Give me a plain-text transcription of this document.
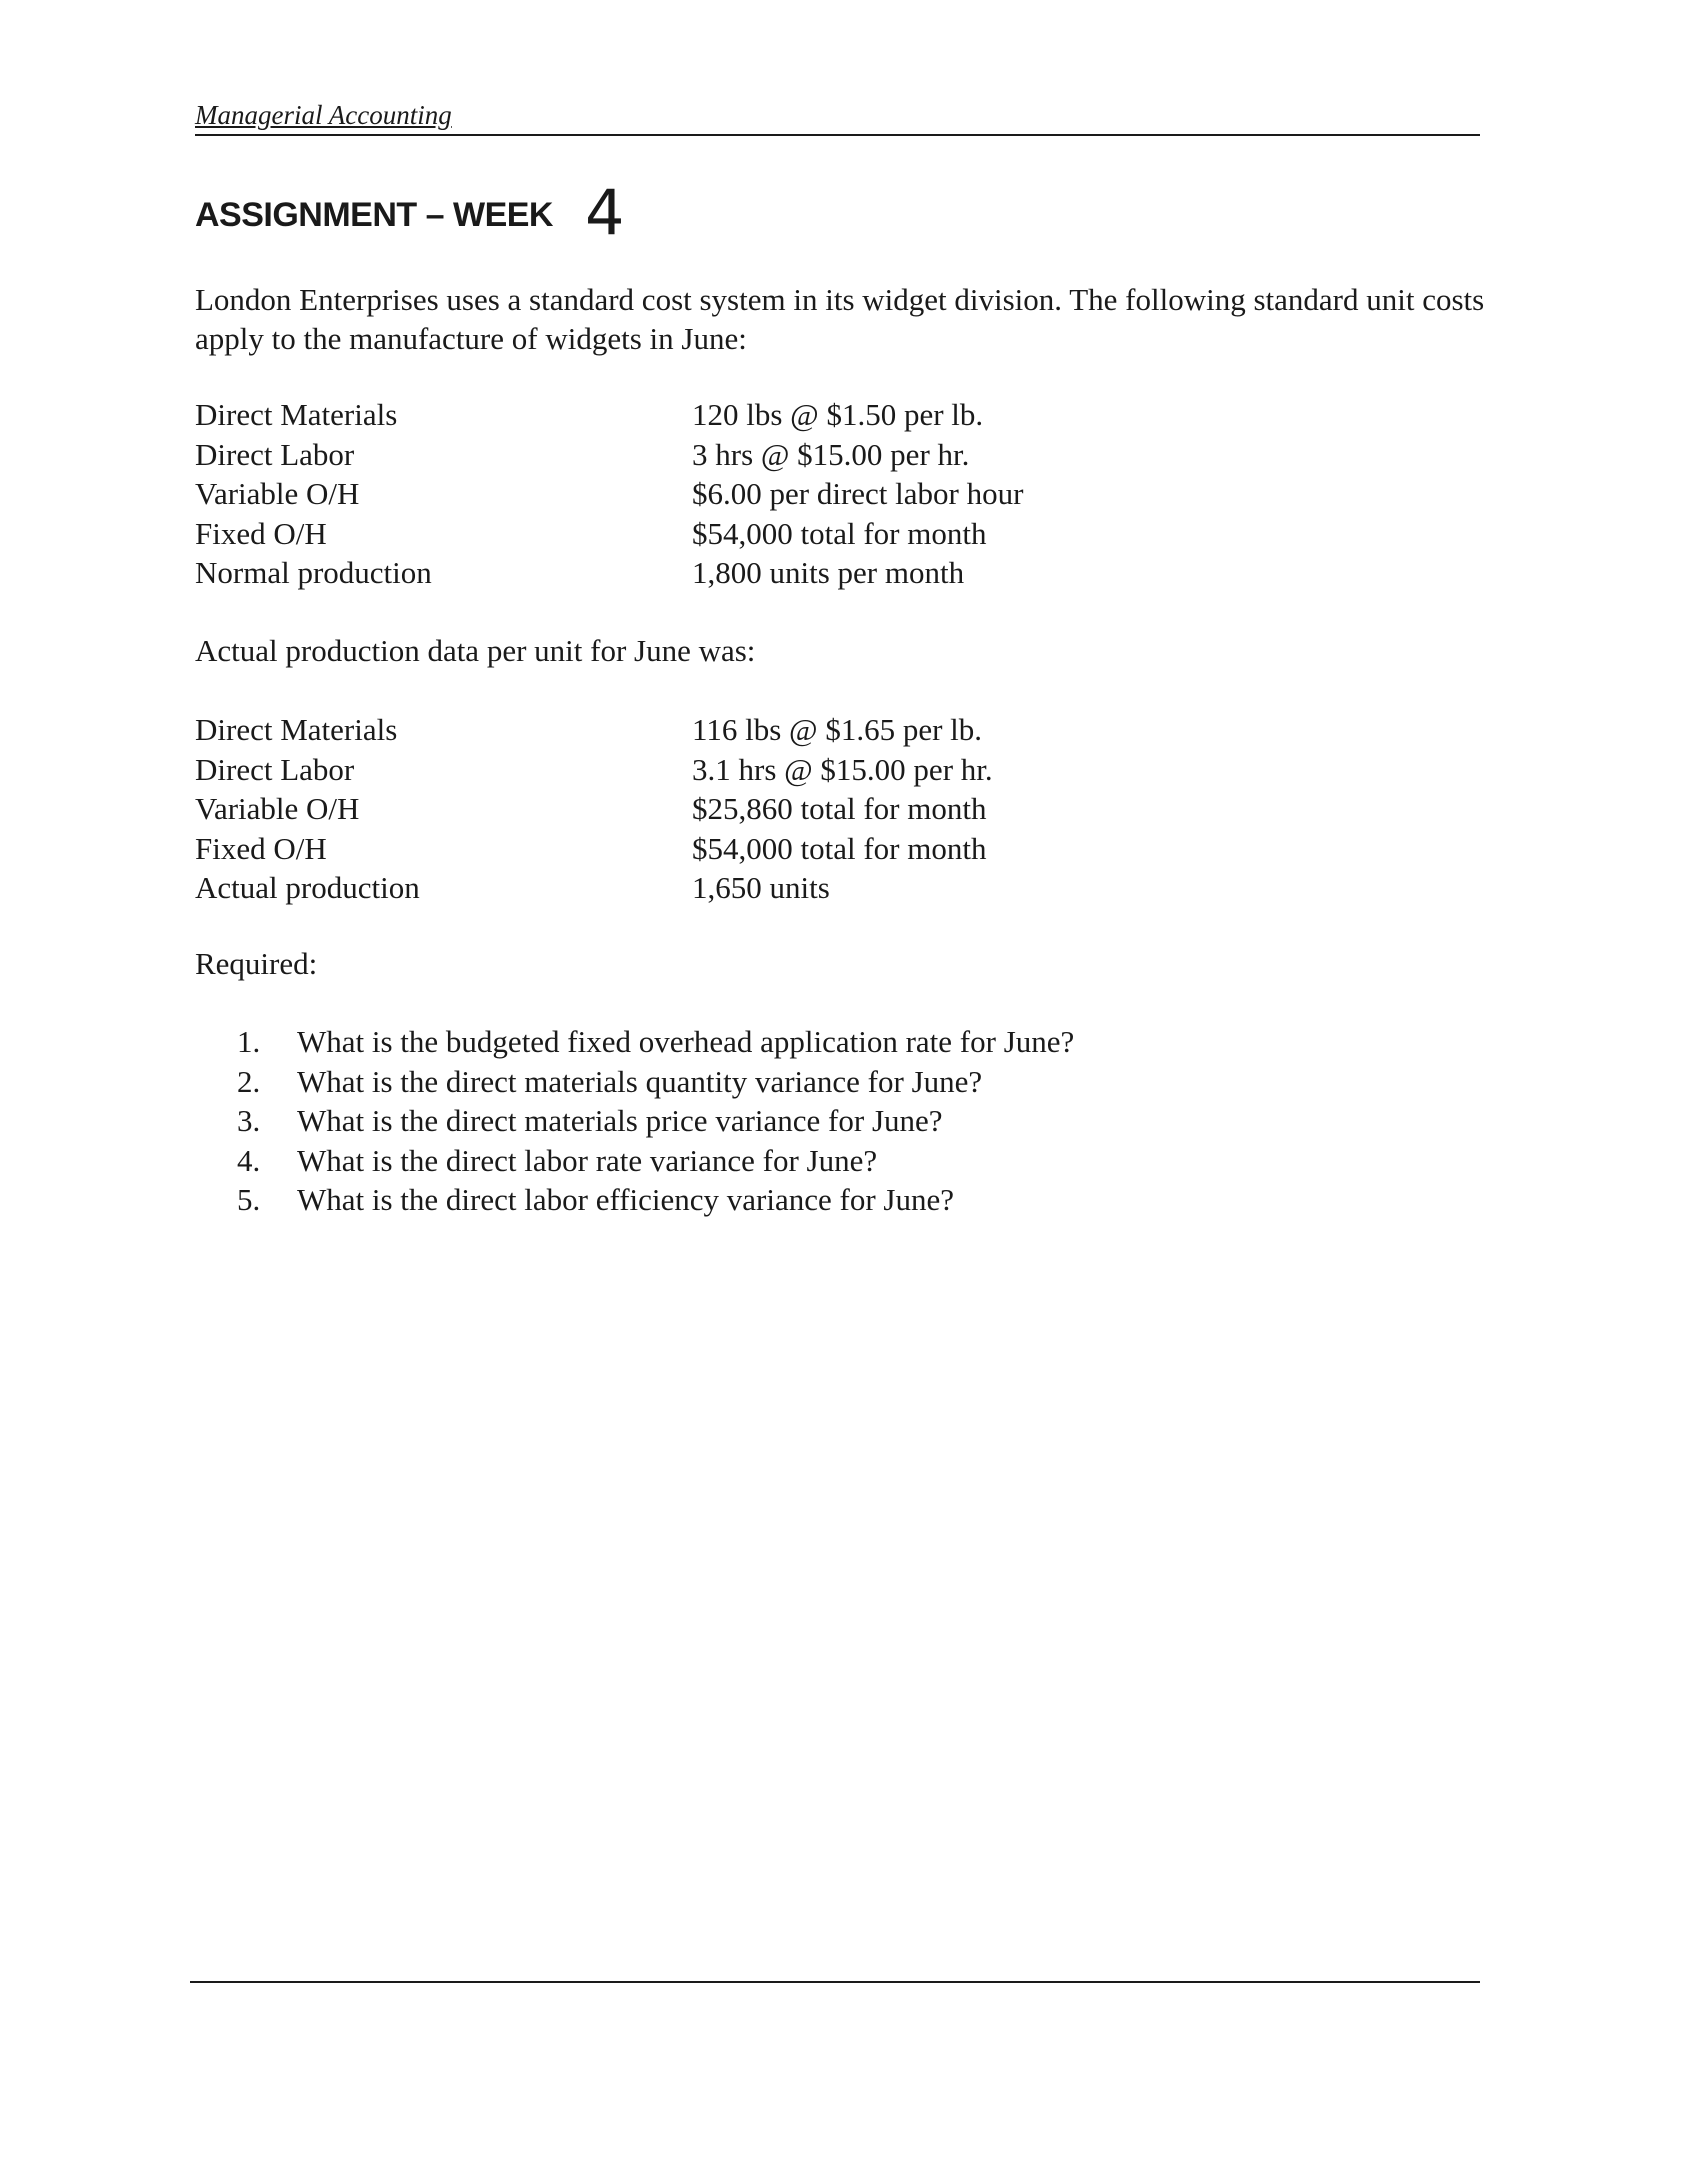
Managerial Accounting
ASSIGNMENT – WEEK 4

London Enterprises uses a standard cost system in its widget division. The following standard unit costs apply to the manufacture of widgets in June:

Direct Materials	120 lbs @ $1.50 per lb.
Direct Labor	3 hrs @ $15.00 per hr.
Variable O/H	$6.00 per direct labor hour
Fixed O/H	$54,000 total for month
Normal production	1,800 units per month

Actual production data per unit for June was:

Direct Materials	116 lbs @ $1.65 per lb.
Direct Labor	3.1 hrs @ $15.00 per hr.
Variable O/H	$25,860 total for month
Fixed O/H	$54,000 total for month
Actual production	1,650 units

Required:

1. What is the budgeted fixed overhead application rate for June?
2. What is the direct materials quantity variance for June?
3. What is the direct materials price variance for June?
4. What is the direct labor rate variance for June?
5. What is the direct labor efficiency variance for June?
